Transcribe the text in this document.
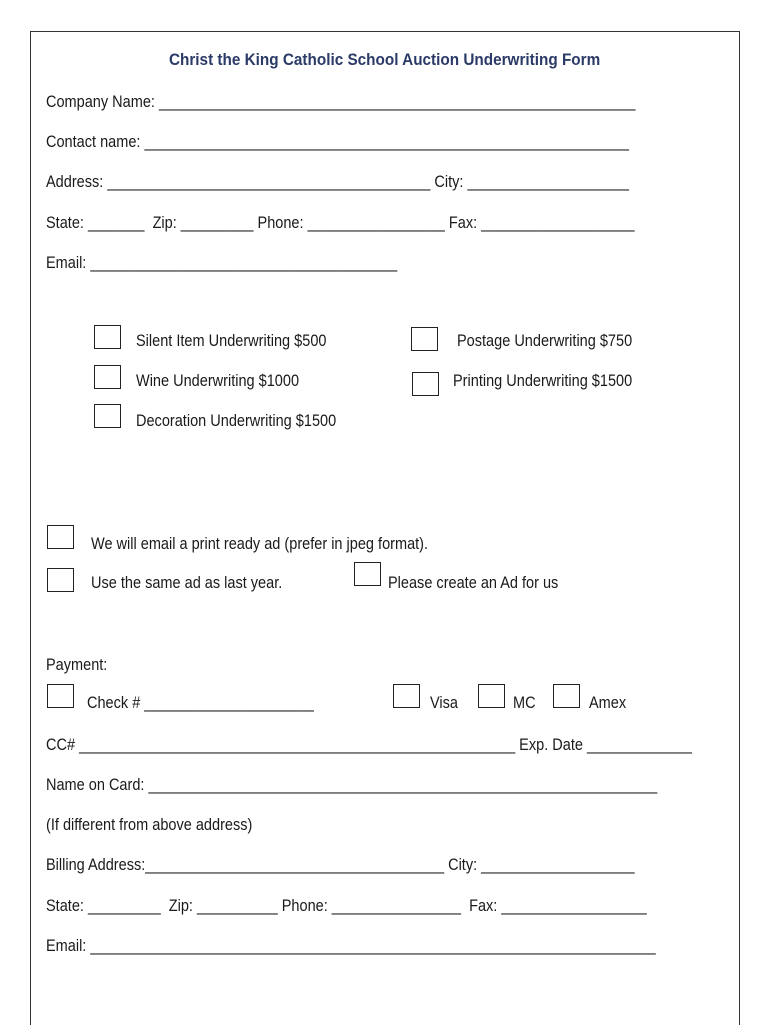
Christ the King Catholic School Auction Underwriting Form
Company Name: ___________________________________________________________
Contact name: ____________________________________________________________
Address: ________________________________________ City: ____________________
State: _______  Zip: _________ Phone: _________________ Fax: ___________________
Email: ______________________________________
Silent Item Underwriting $500
Wine Underwriting $1000
Decoration Underwriting $1500
Postage Underwriting $750
Printing Underwriting $1500
We will email a print ready ad (prefer in jpeg format).
Use the same ad as last year.	Please create an Ad for us
Payment:
Check # _____________________	Visa	MC	Amex
CC# ______________________________________________________ Exp. Date _____________
Name on Card: _______________________________________________________________
(If different from above address)
Billing Address:_____________________________________ City: ___________________
State: _________  Zip: __________ Phone: ________________  Fax: __________________
Email: ______________________________________________________________________
